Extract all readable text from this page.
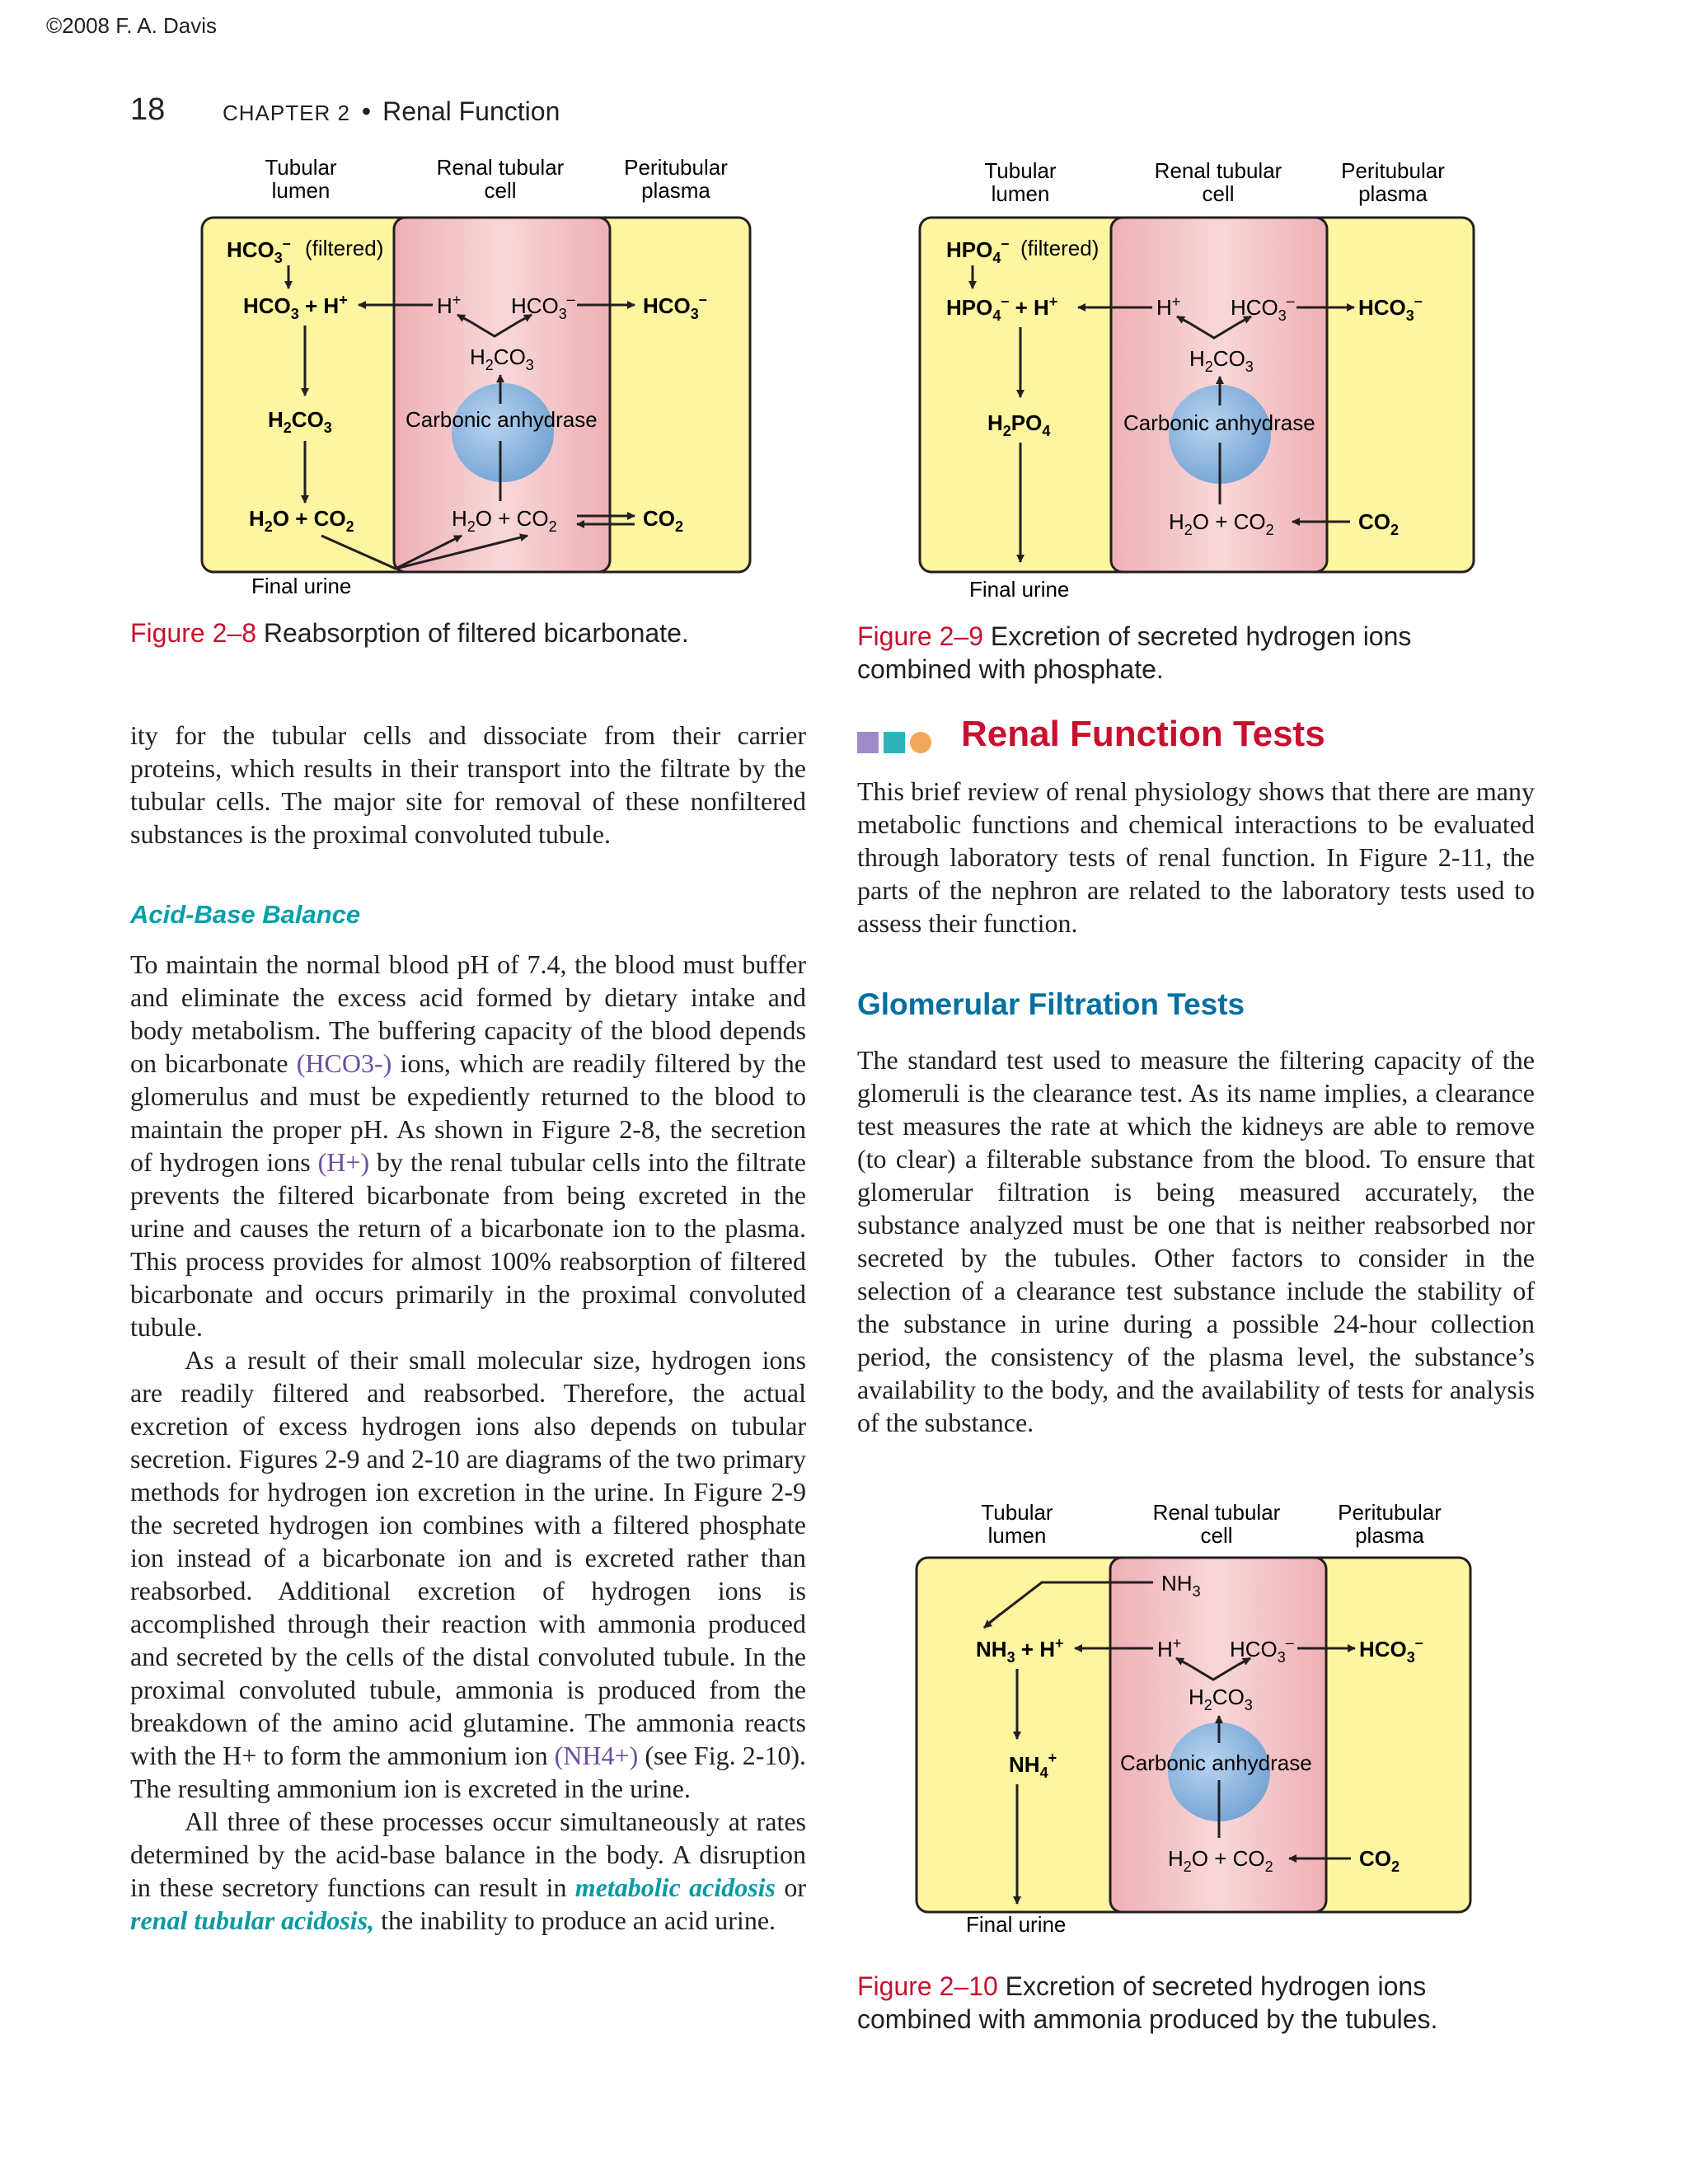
©2008 F. A. Davis
18	CHAPTER 2 • Renal Function
Tubular
lumen
Renal tubular
cell
Peritubular
plasma
$HCO_3^-$ (filtered)
$HCO_3 + H^+$
$H_2CO_3$
$H_2O + CO_2$
Final urine
H+ $HCO_3^-$	$HCO_3^-$
$H_2CO_3$
Carbonic anhydrase
$H_2O + CO_2$	$CO_2$
Figure 2–8 Reabsorption of filtered bicarbonate.
Tubular
lumen
Renal tubular
cell
Peritubular
plasma
$HPO_4^-$ (filtered)
$HPO_4^- + H^+$
$H_2PO_4$
Final urine
H+ $HCO_3^-$	$HCO_3^-$
$H_2CO_3$
Carbonic anhydrase
$H_2O + CO_2$	$CO_2$
Figure 2–9 Excretion of secreted hydrogen ions combined with phosphate.

ity for the tubular cells and dissociate from their carrier proteins, which results in their transport into the filtrate by the tubular cells. The major site for removal of these nonfiltered substances is the proximal convoluted tubule.

Acid-Base Balance

To maintain the normal blood pH of 7.4, the blood must buffer and eliminate the excess acid formed by dietary intake and body metabolism. The buffering capacity of the blood depends on bicarbonate (HCO3-) ions, which are readily filtered by the glomerulus and must be expediently returned to the blood to maintain the proper pH. As shown in Figure 2-8, the secretion of hydrogen ions (H+) by the renal tubular cells into the filtrate prevents the filtered bicarbonate from being excreted in the urine and causes the return of a bicarbonate ion to the plasma. This process provides for almost 100% reabsorption of filtered bicarbonate and occurs primarily in the proximal convoluted tubule.

As a result of their small molecular size, hydrogen ions are readily filtered and reabsorbed. Therefore, the actual excretion of excess hydrogen ions also depends on tubular secretion. Figures 2-9 and 2-10 are diagrams of the two primary methods for hydrogen ion excretion in the urine. In Figure 2-9 the secreted hydrogen ion combines with a filtered phosphate ion instead of a bicarbonate ion and is excreted rather than reabsorbed. Additional excretion of hydrogen ions is accomplished through their reaction with ammonia produced and secreted by the cells of the distal convoluted tubule. In the proximal convoluted tubule, ammonia is produced from the breakdown of the amino acid glutamine. The ammonia reacts with the H+ to form the ammonium ion (NH4+) (see Fig. 2-10). The resulting ammonium ion is excreted in the urine.

All three of these processes occur simultaneously at rates determined by the acid-base balance in the body. A disruption in these secretory functions can result in metabolic acidosis or renal tubular acidosis, the inability to produce an acid urine.

Renal Function Tests

This brief review of renal physiology shows that there are many metabolic functions and chemical interactions to be evaluated through laboratory tests of renal function. In Figure 2-11, the parts of the nephron are related to the laboratory tests used to assess their function.

Glomerular Filtration Tests

The standard test used to measure the filtering capacity of the glomeruli is the clearance test. As its name implies, a clearance test measures the rate at which the kidneys are able to remove (to clear) a filterable substance from the blood. To ensure that glomerular filtration is being measured accurately, the substance analyzed must be one that is neither reabsorbed nor secreted by the tubules. Other factors to consider in the selection of a clearance test substance include the stability of the substance in urine during a possible 24-hour collection period, the consistency of the plasma level, the substance’s availability to the body, and the availability of tests for analysis of the substance.

Tubular
lumen
Renal tubular
cell
Peritubular
plasma
$NH_3$
$NH_3 + H^+$	H+ $HCO_3^-$	$HCO_3^-$
$H_2CO_3$
$NH_4^+$	Carbonic anhydrase
$H_2O + CO_2$	$CO_2$
Final urine
Figure 2–10 Excretion of secreted hydrogen ions combined with ammonia produced by the tubules.
